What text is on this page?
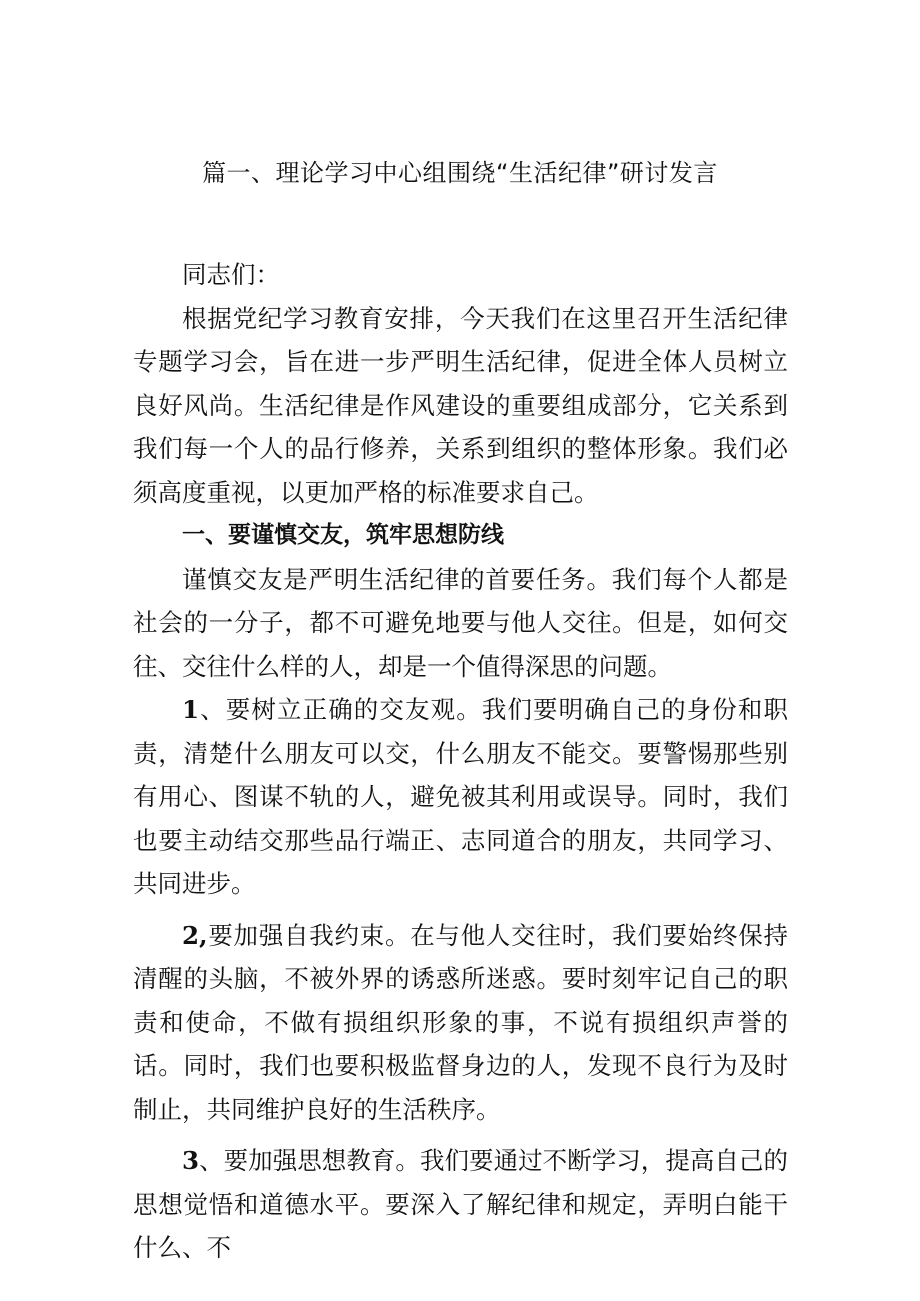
篇一、理论学习中心组围绕“生活纪律”研讨发言

同志们：

根据党纪学习教育安排，今天我们在这里召开生活纪律专题学习会，旨在进一步严明生活纪律，促进全体人员树立良好风尚。生活纪律是作风建设的重要组成部分，它关系到我们每一个人的品行修养，关系到组织的整体形象。我们必须高度重视，以更加严格的标准要求自己。

一、要谨慎交友，筑牢思想防线

谨慎交友是严明生活纪律的首要任务。我们每个人都是社会的一分子，都不可避免地要与他人交往。但是，如何交往、交往什么样的人，却是一个值得深思的问题。

1、要树立正确的交友观。我们要明确自己的身份和职责，清楚什么朋友可以交，什么朋友不能交。要警惕那些别有用心、图谋不轨的人，避免被其利用或误导。同时，我们也要主动结交那些品行端正、志同道合的朋友，共同学习、共同进步。

2,要加强自我约束。在与他人交往时，我们要始终保持清醒的头脑，不被外界的诱惑所迷惑。要时刻牢记自己的职责和使命，不做有损组织形象的事，不说有损组织声誉的话。同时，我们也要积极监督身边的人，发现不良行为及时制止，共同维护良好的生活秩序。

3、要加强思想教育。我们要通过不断学习，提高自己的思想觉悟和道德水平。要深入了解纪律和规定，弄明白能干什么、不
